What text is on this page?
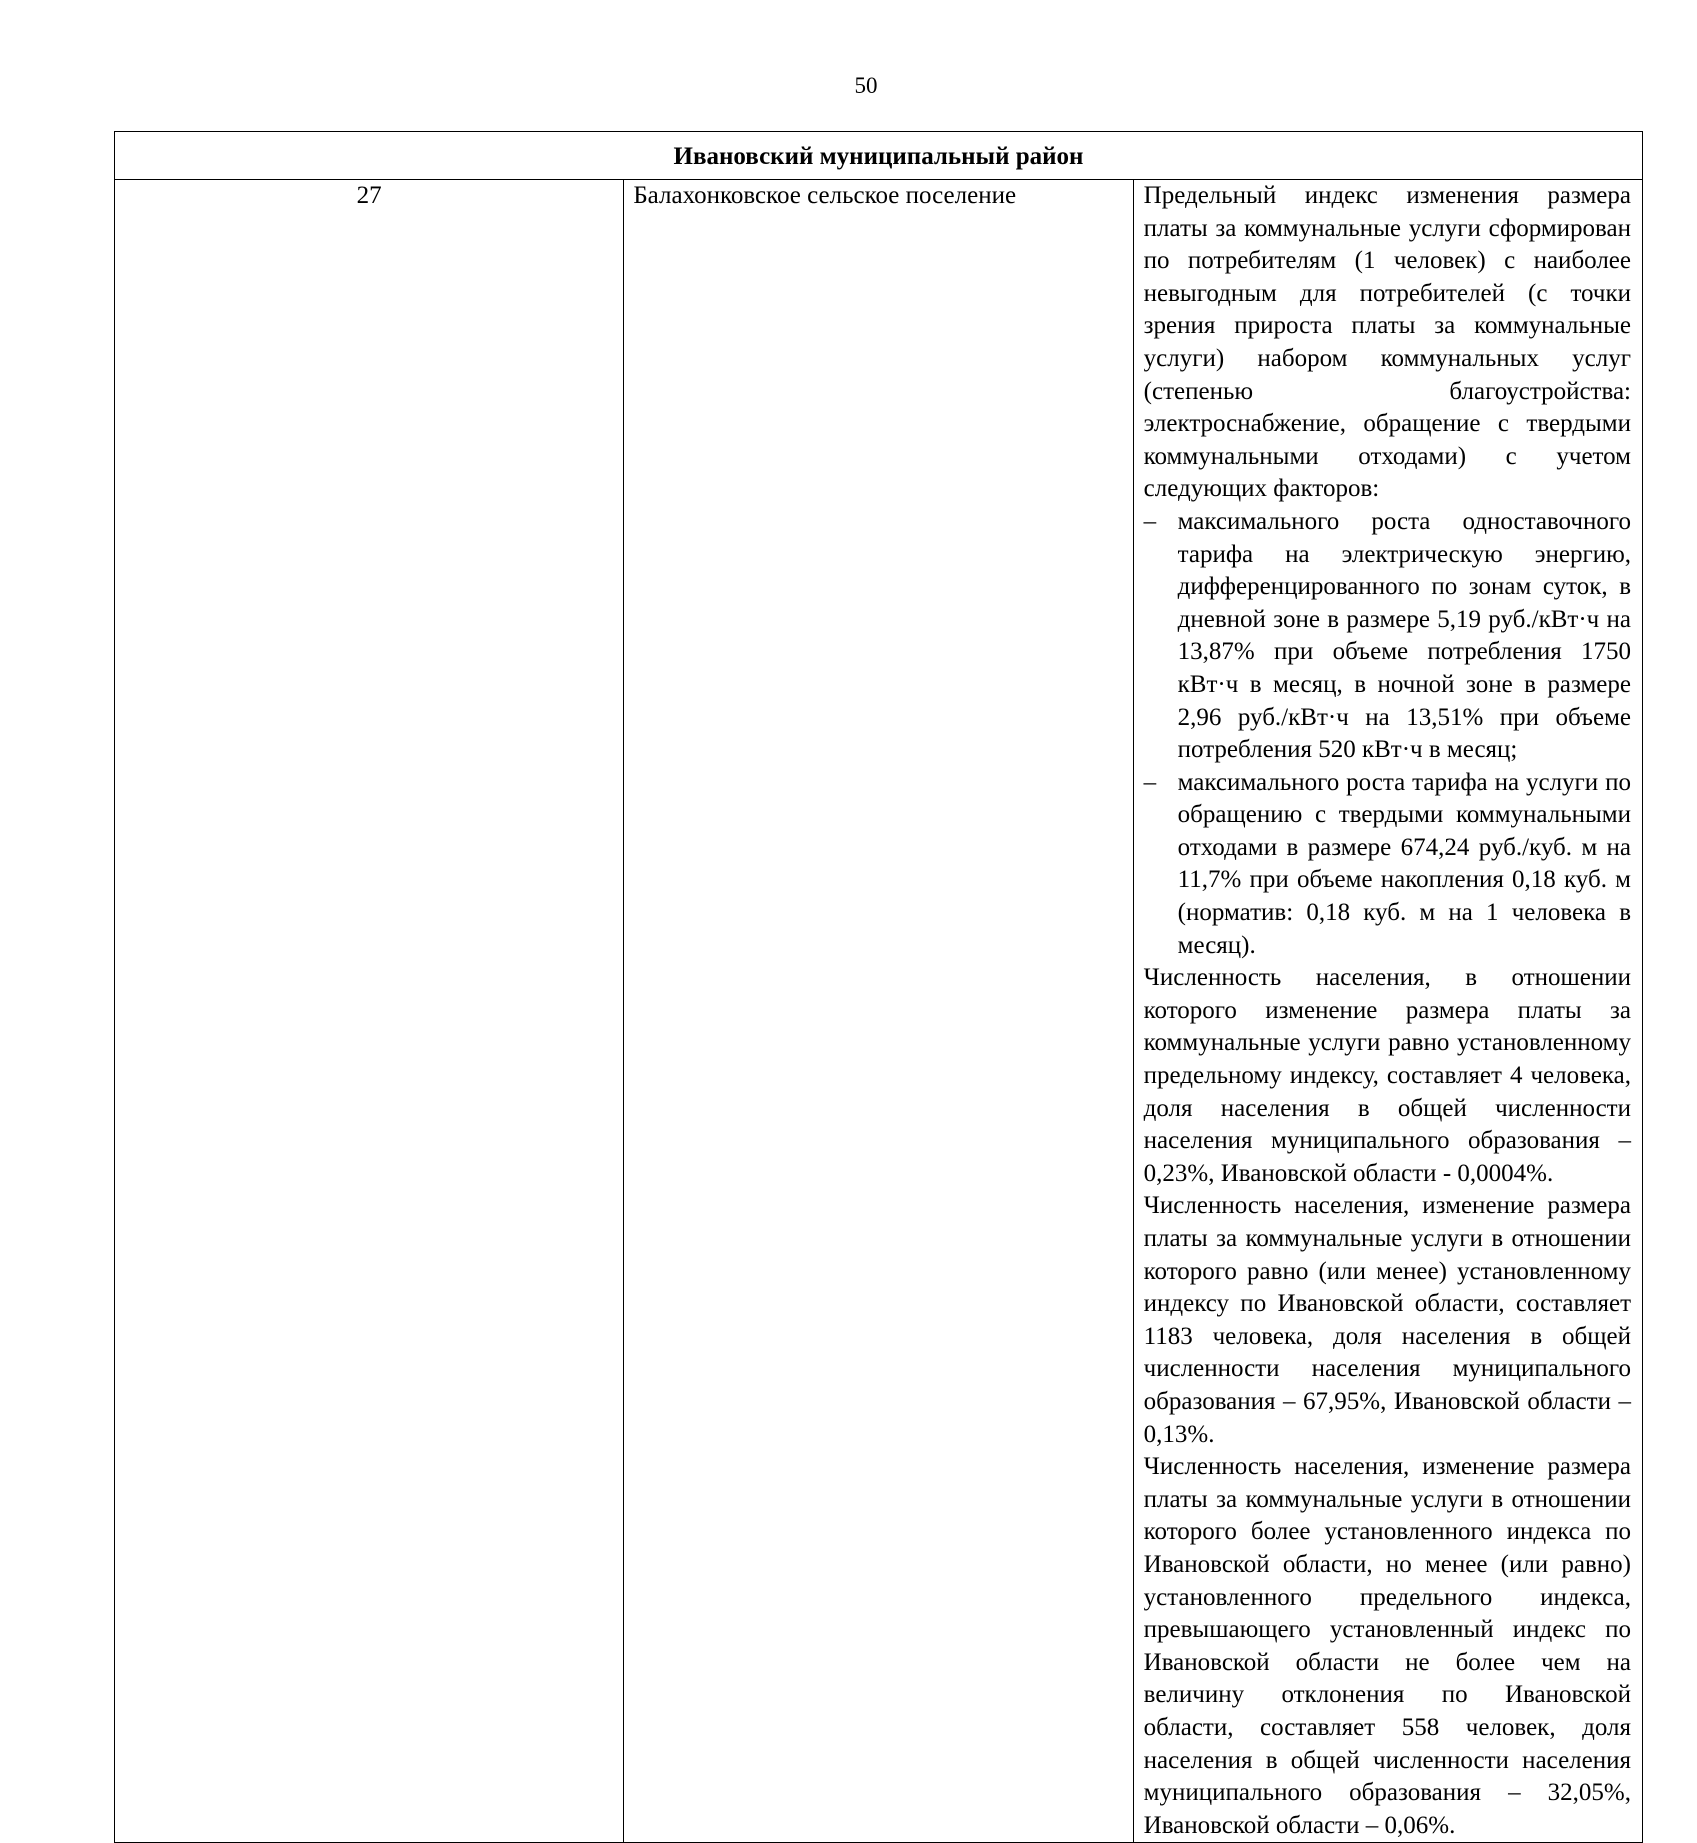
50
Ивановский муниципальный район
27	Балахонковское сельское поселение	Предельный индекс изменения размера платы за коммунальные услуги сформирован по потребителям (1 человек) с наиболее невыгодным для потребителей (с точки зрения прироста платы за коммунальные услуги) набором коммунальных услуг (степенью благоустройства: электроснабжение, обращение с твердыми коммунальными отходами) с учетом следующих факторов:

– максимального роста одноставочного тарифа на электрическую энергию, дифференцированного по зонам суток, в дневной зоне в размере 5,19 руб./кВт·ч на 13,87% при объеме потребления 1750 кВт·ч в месяц, в ночной зоне в размере 2,96 руб./кВт·ч на 13,51% при объеме потребления 520 кВт·ч в месяц;

– максимального роста тарифа на услуги по обращению с твердыми коммунальными отходами в размере 674,24 руб./куб. м на 11,7% при объеме накопления 0,18 куб. м (норматив: 0,18 куб. м на 1 человека в месяц).

Численность населения, в отношении которого изменение размера платы за коммунальные услуги равно установленному предельному индексу, составляет 4 человека, доля населения в общей численности населения муниципального образования – 0,23%, Ивановской области - 0,0004%.

Численность населения, изменение размера платы за коммунальные услуги в отношении которого равно (или менее) установленному индексу по Ивановской области, составляет 1183 человека, доля населения в общей численности населения муниципального образования – 67,95%, Ивановской области – 0,13%.

Численность населения, изменение размера платы за коммунальные услуги в отношении которого более установленного индекса по Ивановской области, но менее (или равно) установленного предельного индекса, превышающего установленный индекс по Ивановской области не более чем на величину отклонения по Ивановской области, составляет 558 человек, доля населения в общей численности населения муниципального образования – 32,05%, Ивановской области – 0,06%.
